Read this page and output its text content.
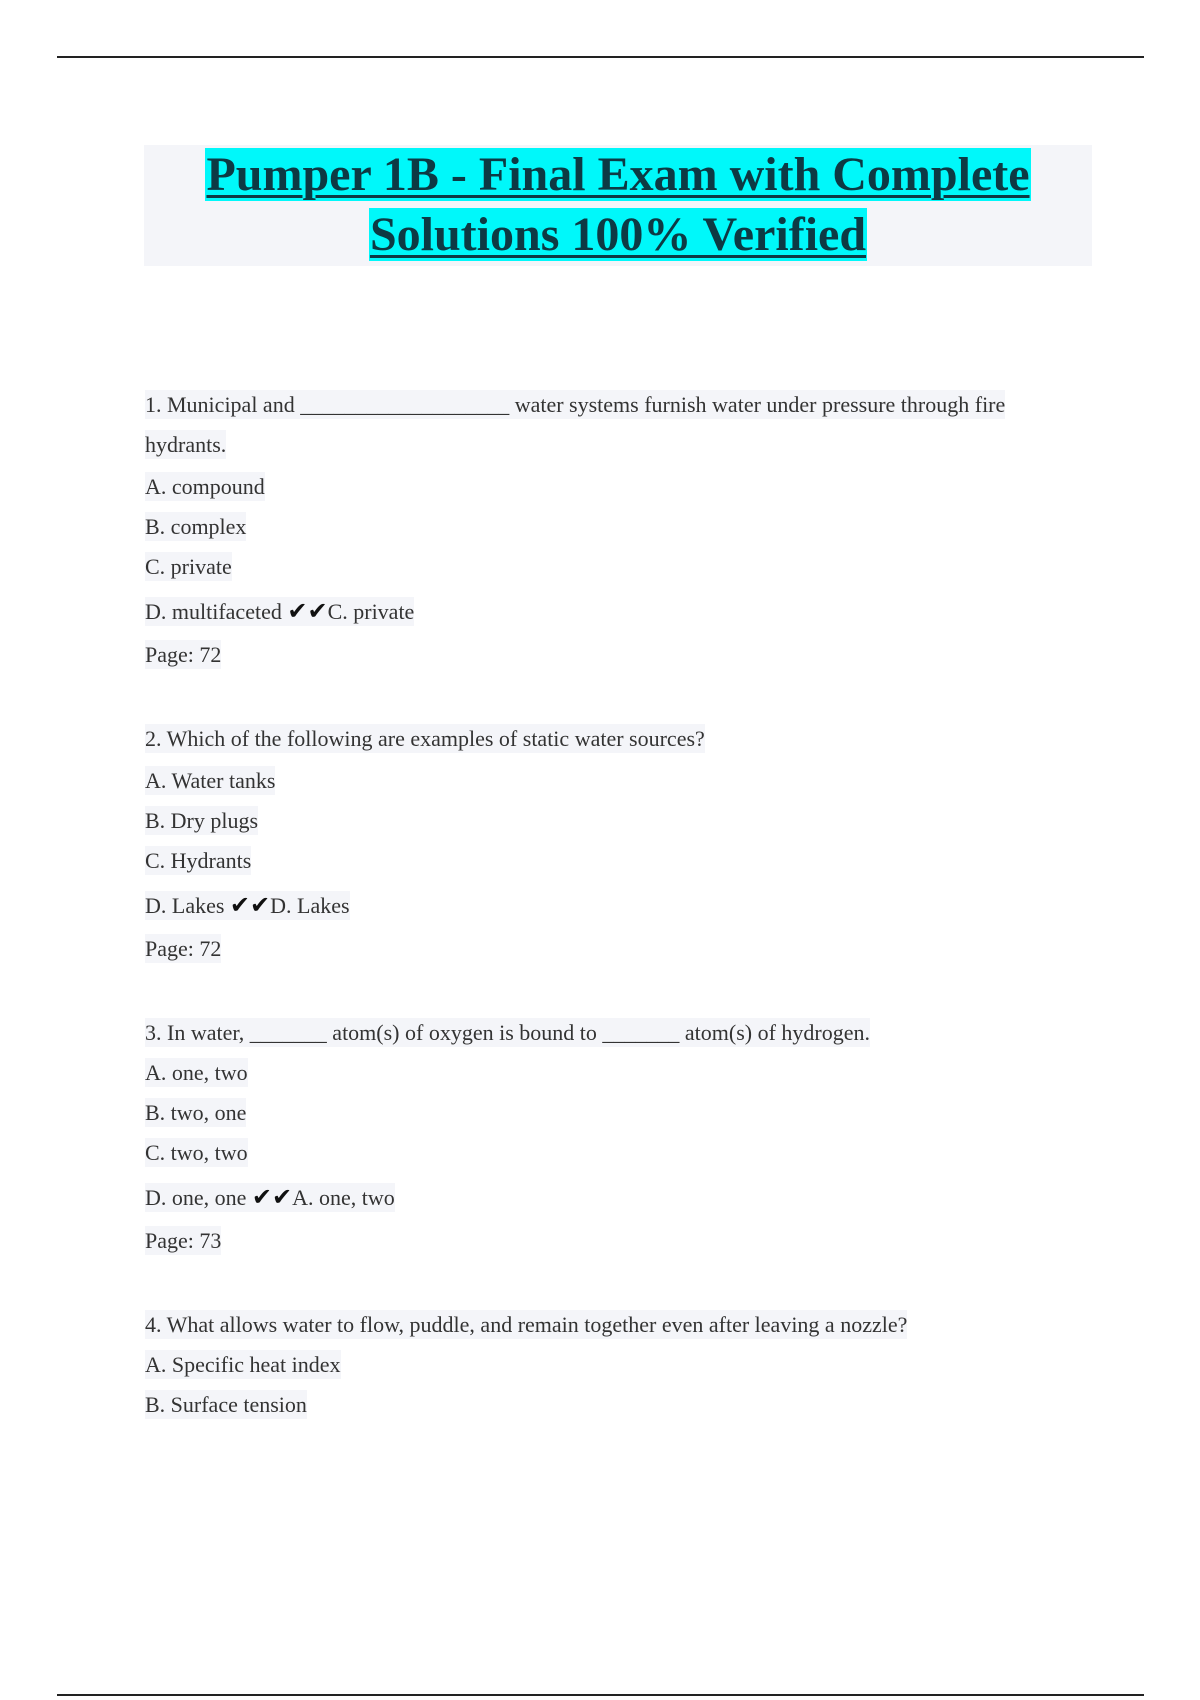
Pumper 1B - Final Exam with Complete
Solutions 100% Verified
1. Municipal and ___________________ water systems furnish water under pressure through fire
hydrants.
A. compound
B. complex
C. private
D. multifaceted ✔✔C. private
Page: 72
2. Which of the following are examples of static water sources?
A. Water tanks
B. Dry plugs
C. Hydrants
D. Lakes ✔✔D. Lakes
Page: 72
3. In water, _______ atom(s) of oxygen is bound to _______ atom(s) of hydrogen.
A. one, two
B. two, one
C. two, two
D. one, one ✔✔A. one, two
Page: 73
4. What allows water to flow, puddle, and remain together even after leaving a nozzle?
A. Specific heat index
B. Surface tension
